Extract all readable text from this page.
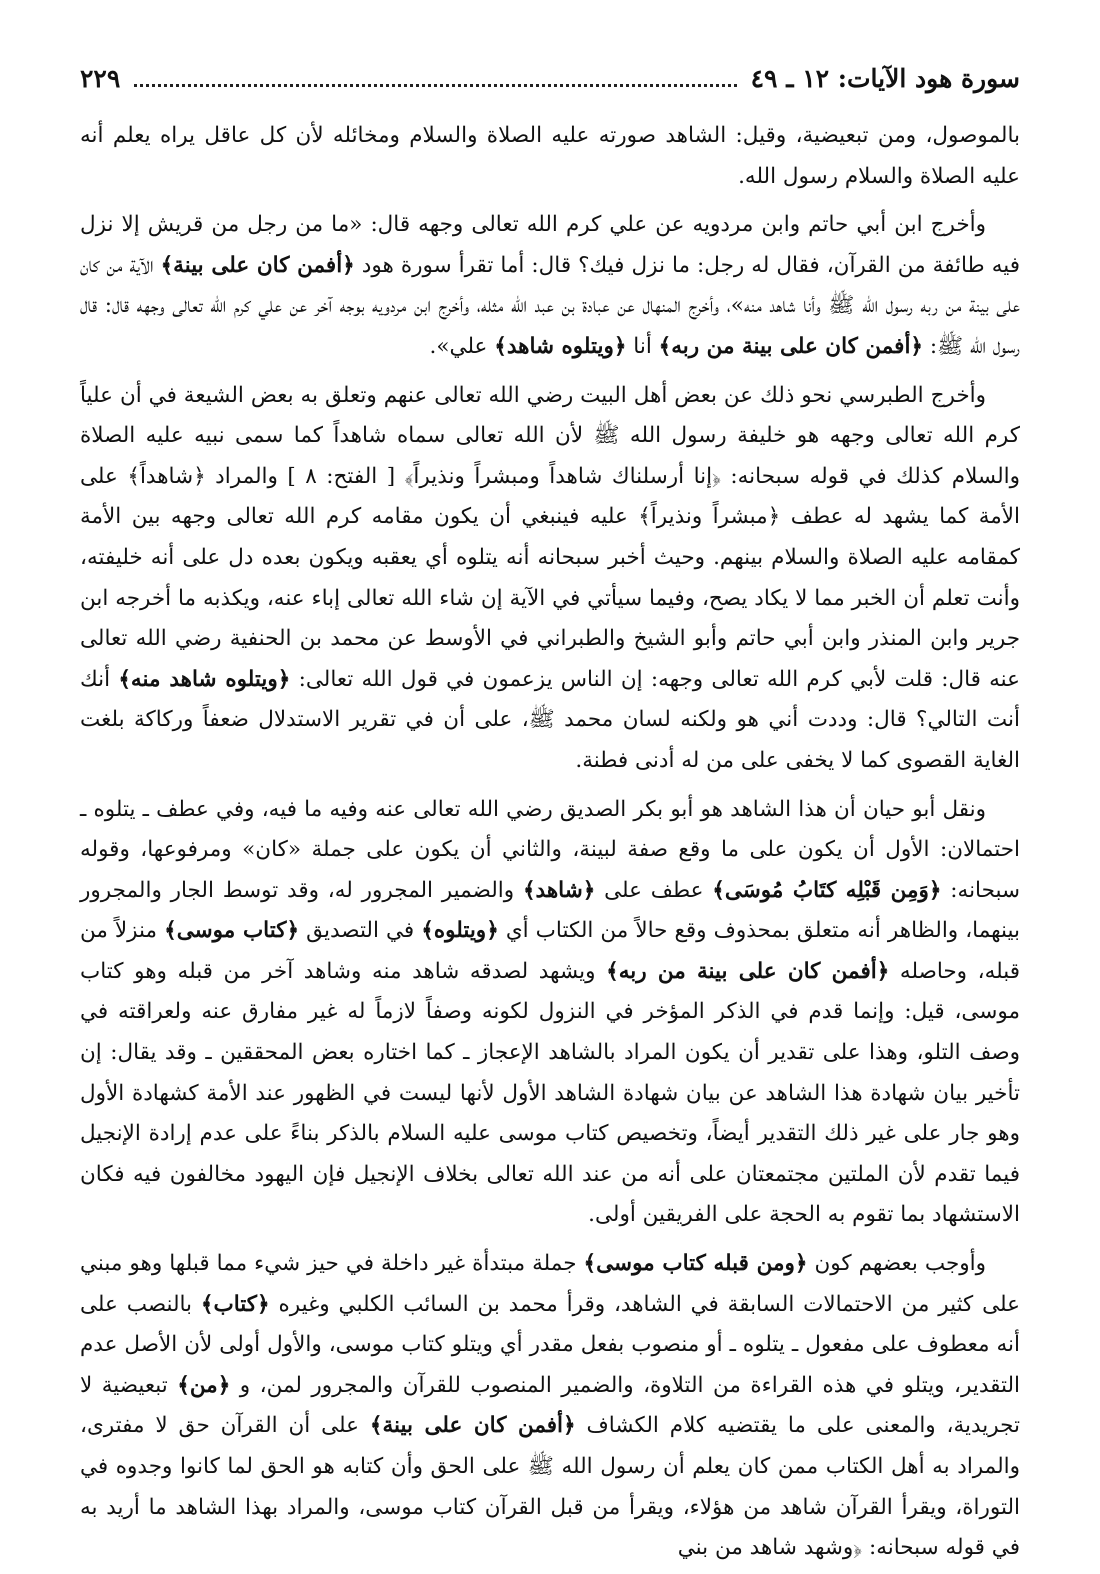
سورة هود الآيات: ١٢ ـ ٤٩
٢٢٩

بالموصول، ومن تبعيضية، وقيل: الشاهد صورته عليه الصلاة والسلام ومخائله لأن كل عاقل يراه يعلم أنه عليه الصلاة والسلام رسول الله.

وأخرج ابن أبي حاتم وابن مردويه عن علي كرم الله تعالى وجهه قال: «ما من رجل من قريش إلا نزل فيه طائفة من القرآن، فقال له رجل: ما نزل فيك؟ قال: أما تقرأ سورة هود ﴿أفمن كان على بينة﴾ الآية من كان على بينة من ربه رسول الله ﷺ وأنا شاهد منه»، وأخرج المنهال عن عبادة بن عبد الله مثله، وأخرج ابن مردويه بوجه آخر عن علي كرم الله تعالى وجهه قال: قال رسول الله ﷺ: ﴿أفمن كان على بينة من ربه﴾ أنا ﴿ويتلوه شاهد﴾ علي».

وأخرج الطبرسي نحو ذلك عن بعض أهل البيت رضي الله تعالى عنهم وتعلق به بعض الشيعة في أن علياً كرم الله تعالى وجهه هو خليفة رسول الله ﷺ لأن الله تعالى سماه شاهداً كما سمى نبيه عليه الصلاة والسلام كذلك في قوله سبحانه: ﴿إنا أرسلناك شاهداً ومبشراً ونذيراً﴾ [ الفتح: ٨ ] والمراد ﴿شاهداً﴾ على الأمة كما يشهد له عطف ﴿مبشراً ونذيراً﴾ عليه فينبغي أن يكون مقامه كرم الله تعالى وجهه بين الأمة كمقامه عليه الصلاة والسلام بينهم. وحيث أخبر سبحانه أنه يتلوه أي يعقبه ويكون بعده دل على أنه خليفته، وأنت تعلم أن الخبر مما لا يكاد يصح، وفيما سيأتي في الآية إن شاء الله تعالى إباء عنه، ويكذبه ما أخرجه ابن جرير وابن المنذر وابن أبي حاتم وأبو الشيخ والطبراني في الأوسط عن محمد بن الحنفية رضي الله تعالى عنه قال: قلت لأبي كرم الله تعالى وجهه: إن الناس يزعمون في قول الله تعالى: ﴿ويتلوه شاهد منه﴾ أنك أنت التالي؟ قال: وددت أني هو ولكنه لسان محمد ﷺ، على أن في تقرير الاستدلال ضعفاً وركاكة بلغت الغاية القصوى كما لا يخفى على من له أدنى فطنة.

ونقل أبو حيان أن هذا الشاهد هو أبو بكر الصديق رضي الله تعالى عنه وفيه ما فيه، وفي عطف ـ يتلوه ـ احتمالان: الأول أن يكون على ما وقع صفة لبينة، والثاني أن يكون على جملة «كان» ومرفوعها، وقوله سبحانه: ﴿وَمِن قَبْلِه كتَابُ مُوسَى﴾ عطف على ﴿شاهد﴾ والضمير المجرور له، وقد توسط الجار والمجرور بينهما، والظاهر أنه متعلق بمحذوف وقع حالاً من الكتاب أي ﴿ويتلوه﴾ في التصديق ﴿كتاب موسى﴾ منزلاً من قبله، وحاصله ﴿أفمن كان على بينة من ربه﴾ ويشهد لصدقه شاهد منه وشاهد آخر من قبله وهو كتاب موسى، قيل: وإنما قدم في الذكر المؤخر في النزول لكونه وصفاً لازماً له غير مفارق عنه ولعراقته في وصف التلو، وهذا على تقدير أن يكون المراد بالشاهد الإعجاز ـ كما اختاره بعض المحققين ـ وقد يقال: إن تأخير بيان شهادة هذا الشاهد عن بيان شهادة الشاهد الأول لأنها ليست في الظهور عند الأمة كشهادة الأول وهو جار على غير ذلك التقدير أيضاً، وتخصيص كتاب موسى عليه السلام بالذكر بناءً على عدم إرادة الإنجيل فيما تقدم لأن الملتين مجتمعتان على أنه من عند الله تعالى بخلاف الإنجيل فإن اليهود مخالفون فيه فكان الاستشهاد بما تقوم به الحجة على الفريقين أولى.

وأوجب بعضهم كون ﴿ومن قبله كتاب موسى﴾ جملة مبتدأة غير داخلة في حيز شيء مما قبلها وهو مبني على كثير من الاحتمالات السابقة في الشاهد، وقرأ محمد بن السائب الكلبي وغيره ﴿كتاب﴾ بالنصب على أنه معطوف على مفعول ـ يتلوه ـ أو منصوب بفعل مقدر أي ويتلو كتاب موسى، والأول أولى لأن الأصل عدم التقدير، ويتلو في هذه القراءة من التلاوة، والضمير المنصوب للقرآن والمجرور لمن، و ﴿من﴾ تبعيضية لا تجريدية، والمعنى على ما يقتضيه كلام الكشاف ﴿أفمن كان على بينة﴾ على أن القرآن حق لا مفترى، والمراد به أهل الكتاب ممن كان يعلم أن رسول الله ﷺ على الحق وأن كتابه هو الحق لما كانوا وجدوه في التوراة، ويقرأ القرآن شاهد من هؤلاء، ويقرأ من قبل القرآن كتاب موسى، والمراد بهذا الشاهد ما أريد به في قوله سبحانه: ﴿وشهد شاهد من بني
